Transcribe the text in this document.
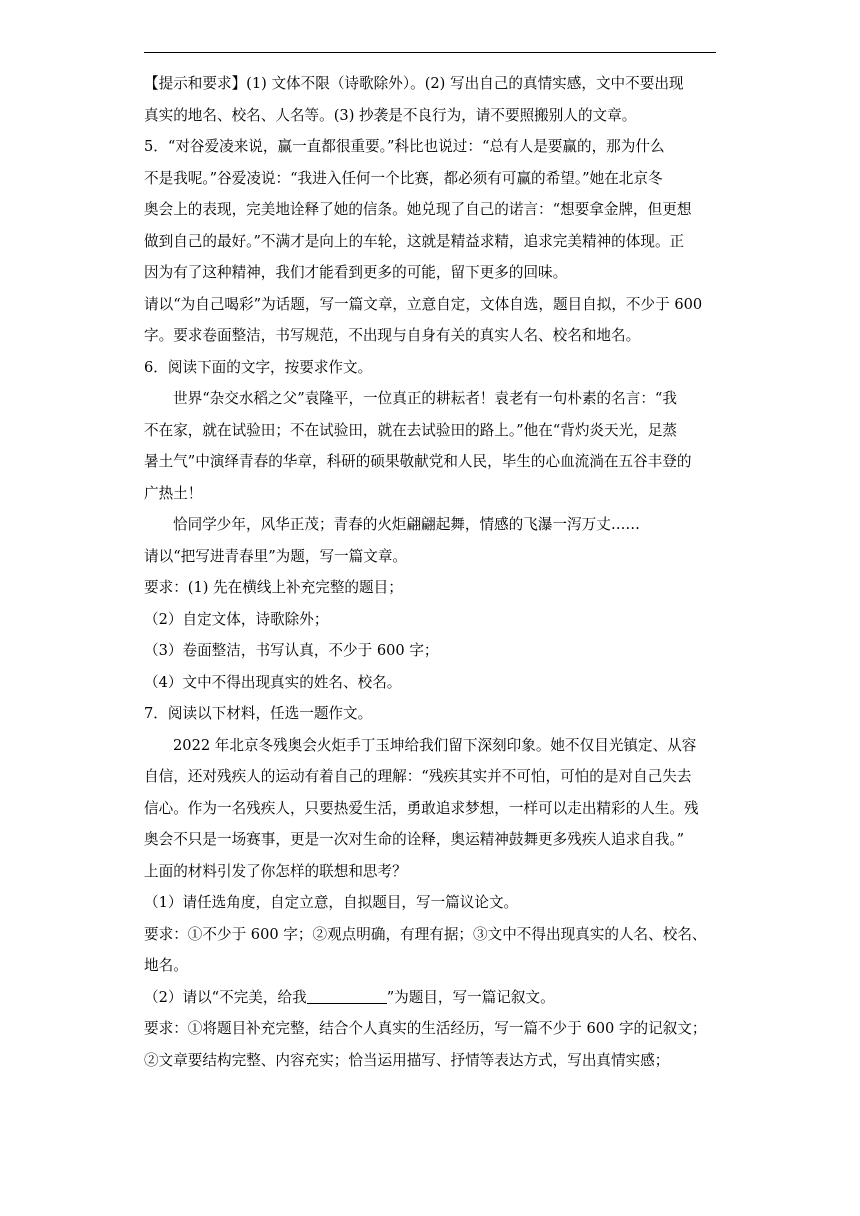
【提示和要求】(1) 文体不限（诗歌除外）。(2) 写出自己的真情实感，文中不要出现
真实的地名、校名、人名等。(3) 抄袭是不良行为，请不要照搬别人的文章。
5．“对谷爱凌来说，赢一直都很重要。”科比也说过：“总有人是要赢的，那为什么
不是我呢。”谷爱凌说：“我进入任何一个比赛，都必须有可赢的希望。”她在北京冬
奥会上的表现，完美地诠释了她的信条。她兑现了自己的诺言：“想要拿金牌，但更想
做到自己的最好。”不满才是向上的车轮，这就是精益求精，追求完美精神的体现。正
因为有了这种精神，我们才能看到更多的可能，留下更多的回味。
请以“为自己喝彩”为话题，写一篇文章，立意自定，文体自选，题目自拟，不少于 600
字。要求卷面整洁，书写规范，不出现与自身有关的真实人名、校名和地名。
6．阅读下面的文字，按要求作文。
世界“杂交水稻之父”袁隆平，一位真正的耕耘者！袁老有一句朴素的名言：“我
不在家，就在试验田；不在试验田，就在去试验田的路上。”他在“背灼炎天光，足蒸
暑土气”中演绎青春的华章，科研的硕果敬献党和人民，毕生的心血流淌在五谷丰登的
广热土！
恰同学少年，风华正茂；青春的火炬翩翩起舞，情感的飞瀑一泻万丈……
请以“把写进青春里”为题，写一篇文章。
要求：(1) 先在横线上补充完整的题目；
（2）自定文体，诗歌除外；
（3）卷面整洁，书写认真，不少于 600 字；
（4）文中不得出现真实的姓名、校名。
7．阅读以下材料，任选一题作文。
2022 年北京冬残奥会火炬手丁玉坤给我们留下深刻印象。她不仅目光镇定、从容
自信，还对残疾人的运动有着自己的理解：“残疾其实并不可怕，可怕的是对自己失去
信心。作为一名残疾人，只要热爱生活，勇敢追求梦想，一样可以走出精彩的人生。残
奥会不只是一场赛事，更是一次对生命的诠释，奥运精神鼓舞更多残疾人追求自我。”
上面的材料引发了你怎样的联想和思考？
（1）请任选角度，自定立意，自拟题目，写一篇议论文。
要求：①不少于 600 字；②观点明确，有理有据；③文中不得出现真实的人名、校名、
地名。
（2）请以“不完美，给我	”为题目，写一篇记叙文。
要求：①将题目补充完整，结合个人真实的生活经历，写一篇不少于 600 字的记叙文；
②文章要结构完整、内容充实；恰当运用描写、抒情等表达方式，写出真情实感；
